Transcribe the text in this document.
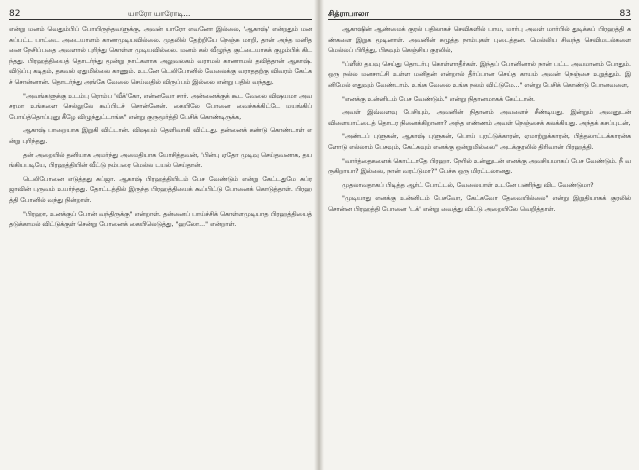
82	யாரோ யாரோடி...

என்று மனம் வெதும்பிப் போயிருந்தவளுக்கு, அவன் யாரோ எவனோ இல்லை, 'ஆகாஷ்' என்றதும் மனசுப்பட்ட பாட்டை அடையாளம் காணமுடியவில்லை. முதலில் தேற்றியே நெஞ்சு மாறி, தான் அந்த மனிதனை நேசிப்பதை அவளால் புரிந்து கொள்ள முடியவில்லை. மனம் கல் வீழுந்த குட்டையாகக் குழம்பிக் கிடந்தது. பிரஹத்தியைத் தொடர்ந்து மூன்று நாட்களாக அலுவலகம் வராமல் காணாமல் தவித்தான் ஆகாஷ். விடுப்பு கடிதம், தகவல் ஏதுமில்லை காணும். உடனே டெலிபோனில் வேலைக்கு வராததற்கு விவரம் கேட்கச் சொன்னான். தொடர்ந்து அங்கே வேலை செய்வதில் விருப்பம் இல்லை என்று பதில் வந்தது.

"அவங்களுக்கு உடம்பு ரொம்ப 'வீக்'கோ, என்னவோ சார். அன்னைக்குக் கூட வேலை விஷயமா அவசரமா உங்களை செல்லுலே கூப்பிடச் சொன்னேன். கையிலே போனை வைச்சுக்கிட்டே மயங்கிப் போய்த்தொப்புனு கீழே விழுந்துட்டாங்க" என்று குருமூர்த்தி பேசிக் கொண்டிருக்க,

ஆகாஷ் பாறையாக இறுகி விட்டான். விஷயம் தெளிவாகி விட்டது. தன்னைக் கண்டு கொண்டாள் என்று புரிந்தது.

தன் அறையில் தனியாக அமர்ந்து அமைதியாக யோசித்தவன், 'பின்பு ஏதோ முடிவு செய்தவனாக, தயங்கியபடியே, பிரஹத்தியின் வீட்டு நம்பரை மெல்ல டயல் செய்தான்.

டெலிபோனை எடுத்தது சுப்ஜா. ஆகாஷ் பிரஹத்தியிடம் பேச வேண்டும் என்று கேட்டதுமே சுப்ரஜாவின் புருவம் உயர்ந்தது. தோட்டத்தில் இருந்த பிரஹத்தியைக் கூப்பிட்டு போனைக் கொடுத்தாள். பிரஹத்தி போனில் வந்து நின்றாள்.

"பிரஹா, உனக்குப் போன் வந்திருக்கு" என்றாள். தன்னைப் பாய்ச்சிக் கொள்ளமுடியாத பிரஹத்தியைத் தடுக்காமல் விட்டுக்குள் சென்று போனைக் கையிலெடுத்து, "ஹலோ..." என்றாள்.

சித்ராபாலா	83

ஆகாஷின் ஆண்மைக் குரல் பதிலாகச் செவிகளில் பாய, மார்பு அவள் மார்பில் துடிக்கப் பிரஹத்தி கண்களை இறுக மூடினாள். அவனின் சுழுத்த நாம்புகள் புடைத்தன. மெல்லிய சிவந்த செவிமடல்களை மெல்லப் பிரித்து, பிசுவும் கெஞ்சிய குரலில்,

"ப்ளீஸ் தயவு செய்து தொடர்பு கொள்ளாதீர்கள். இந்தப் போனினால் நான் பட்ட அவமானம் போதும். ஒரு நல்ல மனசாட்சி உள்ள மனிதன் என்றால் தீர்ப்பான செய்த காயம் அவன் நெஞ்சை உறுத்தும். இனிமேல் எதுவும் வேண்டாம். உங்க வேலை உங்க நலம் விட்டுமே..." என்று பேசிக் கொண்டு போனவளை,

"எனக்கு உன்னிடம் பேச வேண்டும்." என்று நிதானமாகக் கேட்டான்.

அவள் இவ்வளவு பேசியும், அவனின் நிதானம் அவளைச் சீண்டியது. இன்றும் அவனுடன் விளையாட்டைத் தொடர நினைக்கிறானா? அந்த எண்ணம் அவள் நெஞ்சைக் கலக்கியது. அந்தக் கசப்புடன்,

"அண்டப் புளுகன், ஆகாஷ் புளுகன், பொய் புரட்டுக்காரன், ஏமாற்றுக்காரன், பித்தலாட்டக்காரன்களோடு எல்லாம் பேசவும், கேட்கவும் எனக்கு ஒன்றுமில்லை" அடக்குரலில் திரிவான் பிரஹத்தி.

"வார்த்தைகளைக் கொட்டாதே பிரஹா. நேரில் உன்னுடன் எனக்கு அவசியமாகப் பேச வேண்டும். நீ வருகிறாயா? இல்லை, நான் வரட்டுமா?" பேச்சு ஒரு மிரட்டலானது.

முதலாவதாகப் பிடித்த ஆர்ட் போட்டல், வேலையாள் உடனே பணிந்து விட வேண்டுமா?

"முடியாது எனக்கு உன்னிடம் பேசவோ, கேட்கவோ தேவையில்லை" என்று இறுதியாகக் குரலில் சொன்ன பிரஹத்தி போனை 'டக்' என்று வைத்து விட்டு அறையிலே வெறித்தாள்.
